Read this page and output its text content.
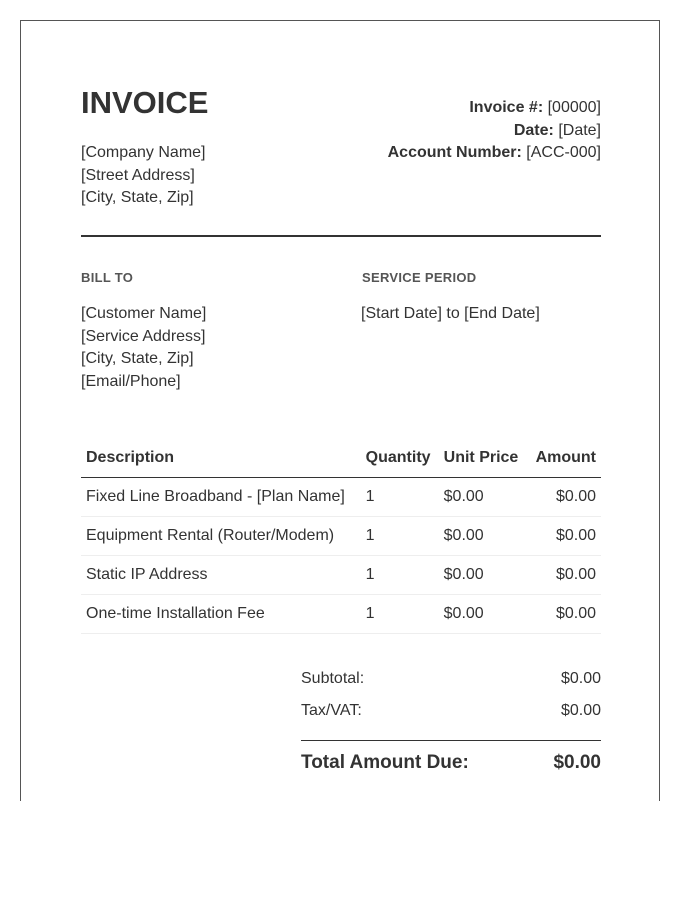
INVOICE
[Company Name]
[Street Address]
[City, State, Zip]
Invoice #: [00000]
Date: [Date]
Account Number: [ACC-000]
BILL TO
[Customer Name]
[Service Address]
[City, State, Zip]
[Email/Phone]
SERVICE PERIOD
[Start Date] to [End Date]
Description	Quantity	Unit Price	Amount
Fixed Line Broadband - [Plan Name]	1	$0.00	$0.00
Equipment Rental (Router/Modem)	1	$0.00	$0.00
Static IP Address	1	$0.00	$0.00
One-time Installation Fee	1	$0.00	$0.00
Subtotal:	$0.00
Tax/VAT:	$0.00
Total Amount Due:	$0.00
